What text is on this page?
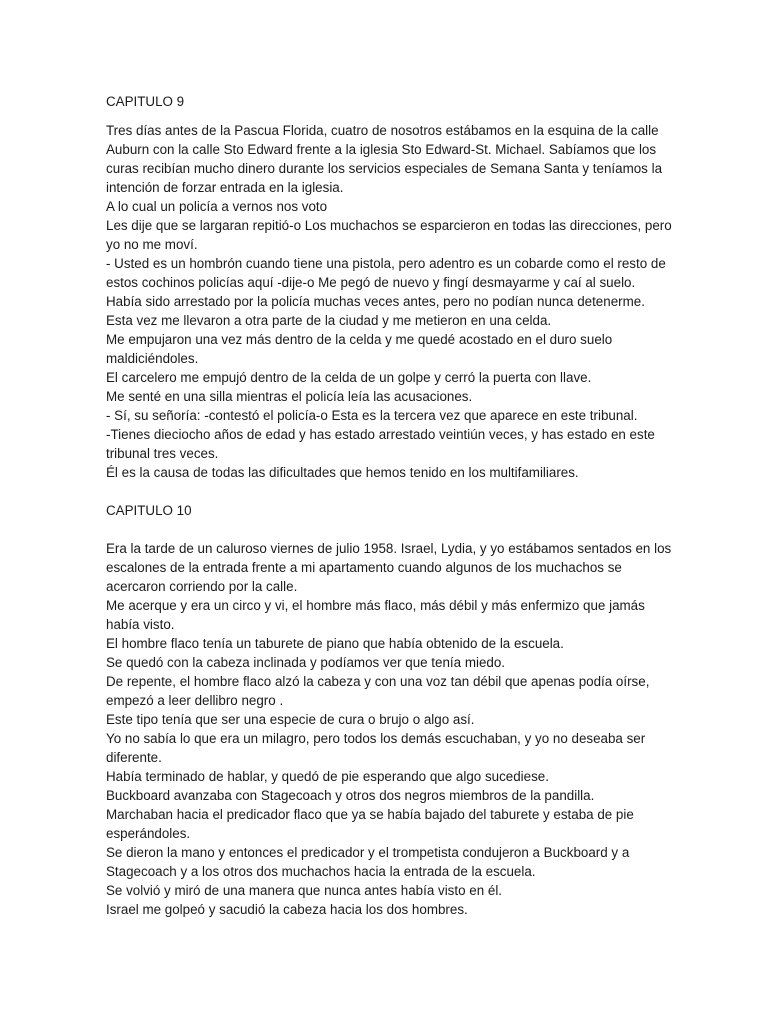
CAPITULO 9

Tres días antes de la Pascua Florida, cuatro de nosotros estábamos en la esquina de la calle Auburn con la calle Sto Edward frente a la iglesia Sto Edward-St. Michael. Sabíamos que los curas recibían mucho dinero durante los servicios especiales de Semana Santa y teníamos la intención de forzar entrada en la iglesia.

A lo cual un policía a vernos nos voto

Les dije que se largaran repitió-o Los muchachos se esparcieron en todas las direcciones, pero yo no me moví.

- Usted es un hombrón cuando tiene una pistola, pero adentro es un cobarde como el resto de estos cochinos policías aquí -dije-o Me pegó de nuevo y fingí desmayarme y caí al suelo.

Había sido arrestado por la policía muchas veces antes, pero no podían nunca detenerme.

Esta vez me llevaron a otra parte de la ciudad y me metieron en una celda.

Me empujaron una vez más dentro de la celda y me quedé acostado en el duro suelo maldiciéndoles.

El carcelero me empujó dentro de la celda de un golpe y cerró la puerta con llave.

Me senté en una silla mientras el policía leía las acusaciones.

- Sí, su señoría: -contestó el policía-o Esta es la tercera vez que aparece en este tribunal.

-Tienes dieciocho años de edad y has estado arrestado veintiún veces, y has estado en este tribunal tres veces.

Él es la causa de todas las dificultades que hemos tenido en los multifamiliares.

CAPITULO 10

Era la tarde de un caluroso viernes de julio 1958. Israel, Lydia, y yo estábamos sentados en los escalones de la entrada frente a mi apartamento cuando algunos de los muchachos se acercaron corriendo por la calle.

Me acerque y era un circo y vi, el hombre más flaco, más débil y más enfermizo que jamás había visto.

El hombre flaco tenía un taburete de piano que había obtenido de la escuela.

Se quedó con la cabeza inclinada y podíamos ver que tenía miedo.

De repente, el hombre flaco alzó la cabeza y con una voz tan débil que apenas podía oírse, empezó a leer dellibro negro .

Este tipo tenía que ser una especie de cura o brujo o algo así.

Yo no sabía lo que era un milagro, pero todos los demás escuchaban, y yo no deseaba ser diferente.

Había terminado de hablar, y quedó de pie esperando que algo sucediese.

Buckboard avanzaba con Stagecoach y otros dos negros miembros de la pandilla.

Marchaban hacia el predicador flaco que ya se había bajado del taburete y estaba de pie esperándoles.

Se dieron la mano y entonces el predicador y el trompetista condujeron a Buckboard y a Stagecoach y a los otros dos muchachos hacia la entrada de la escuela.

Se volvió y miró de una manera que nunca antes había visto en él.

Israel me golpeó y sacudió la cabeza hacia los dos hombres.
